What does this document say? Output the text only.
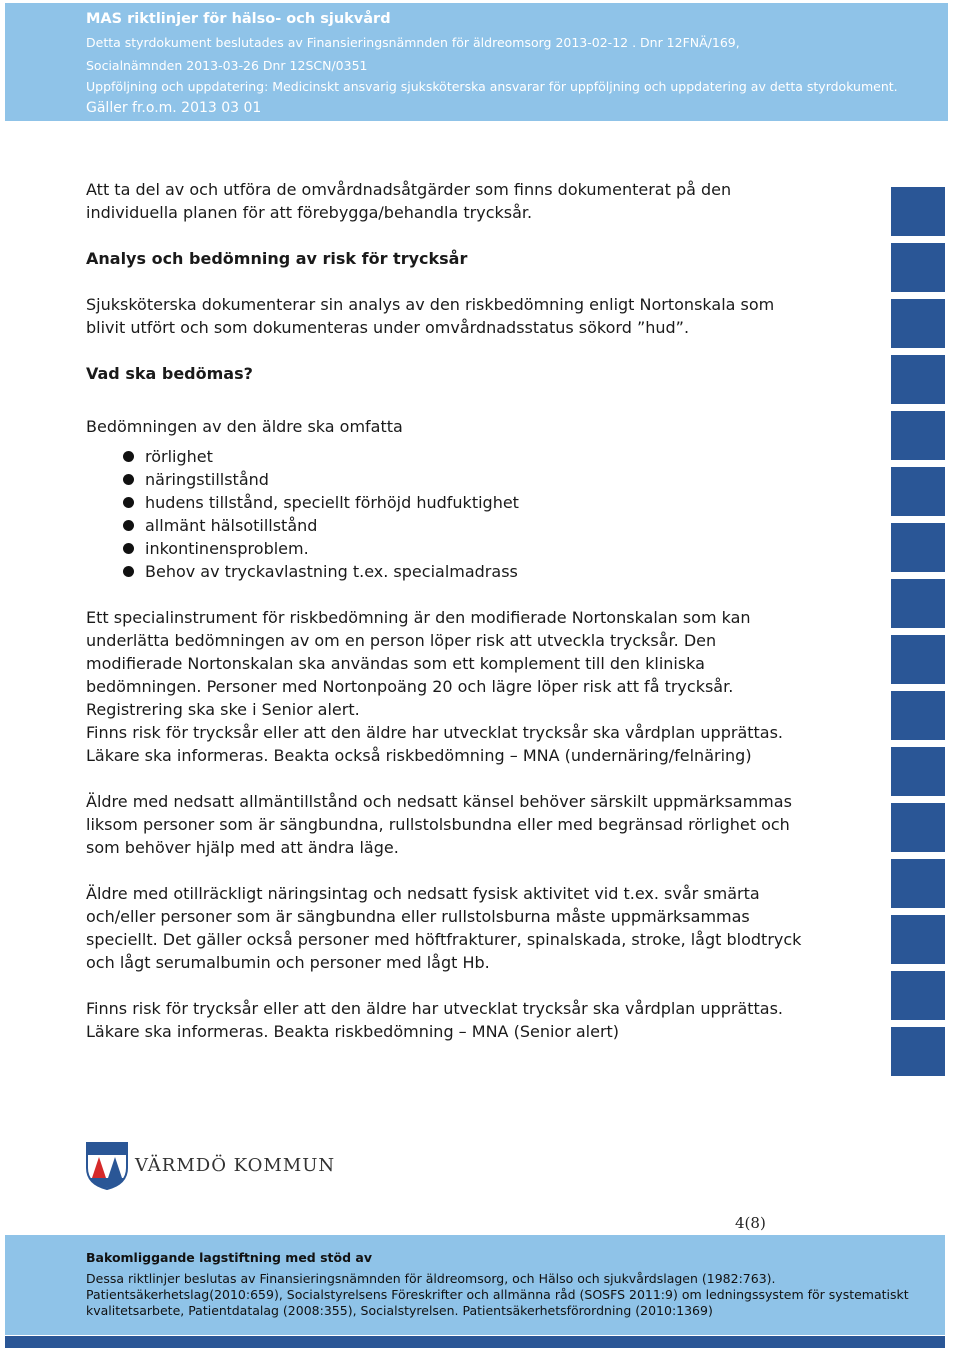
MAS riktlinjer för hälso- och sjukvård
Detta styrdokument beslutades av Finansieringsnämnden för äldreomsorg 2013-02-12 . Dnr 12FNÄ/169,
Socialnämnden 2013-03-26 Dnr 12SCN/0351
Uppföljning och uppdatering: Medicinskt ansvarig sjuksköterska ansvarar för uppföljning och uppdatering av detta styrdokument.
Gäller fr.o.m. 2013 03 01

Att ta del av och utföra de omvårdnadsåtgärder som finns dokumenterat på den

individuella planen för att förebygga/behandla trycksår.

Analys och bedömning av risk för trycksår

Sjuksköterska dokumenterar sin analys av den riskbedömning enligt Nortonskala som

blivit utfört och som dokumenteras under omvårdnadsstatus sökord ”hud”.

Vad ska bedömas?

Bedömningen av den äldre ska omfatta

rörlighet
näringstillstånd
hudens tillstånd, speciellt förhöjd hudfuktighet
allmänt hälsotillstånd
inkontinensproblem.
Behov av tryckavlastning t.ex. specialmadrass

Ett specialinstrument för riskbedömning är den modifierade Nortonskalan som kan

underlätta bedömningen av om en person löper risk att utveckla trycksår. Den

modifierade Nortonskalan ska användas som ett komplement till den kliniska

bedömningen. Personer med Nortonpoäng 20 och lägre löper risk att få trycksår.

Registrering ska ske i Senior alert.

Finns risk för trycksår eller att den äldre har utvecklat trycksår ska vårdplan upprättas.

Läkare ska informeras. Beakta också riskbedömning – MNA (undernäring/felnäring)

Äldre med nedsatt allmäntillstånd och nedsatt känsel behöver särskilt uppmärksammas

liksom personer som är sängbundna, rullstolsbundna eller med begränsad rörlighet och

som behöver hjälp med att ändra läge.

Äldre med otillräckligt näringsintag och nedsatt fysisk aktivitet vid t.ex. svår smärta

och/eller personer som är sängbundna eller rullstolsburna måste uppmärksammas

speciellt. Det gäller också personer med höftfrakturer, spinalskada, stroke, lågt blodtryck

och lågt serumalbumin och personer med lågt Hb.

Finns risk för trycksår eller att den äldre har utvecklat trycksår ska vårdplan upprättas.

Läkare ska informeras. Beakta riskbedömning – MNA (Senior alert)

VÄRMDÖ KOMMUN
4(8)
Bakomliggande lagstiftning med stöd av
Dessa riktlinjer beslutas av Finansieringsnämnden för äldreomsorg, och Hälso och sjukvårdslagen (1982:763).
Patientsäkerhetslag(2010:659), Socialstyrelsens Föreskrifter och allmänna råd (SOSFS 2011:9) om ledningssystem för systematiskt
kvalitetsarbete, Patientdatalag (2008:355), Socialstyrelsen. Patientsäkerhetsförordning (2010:1369)
